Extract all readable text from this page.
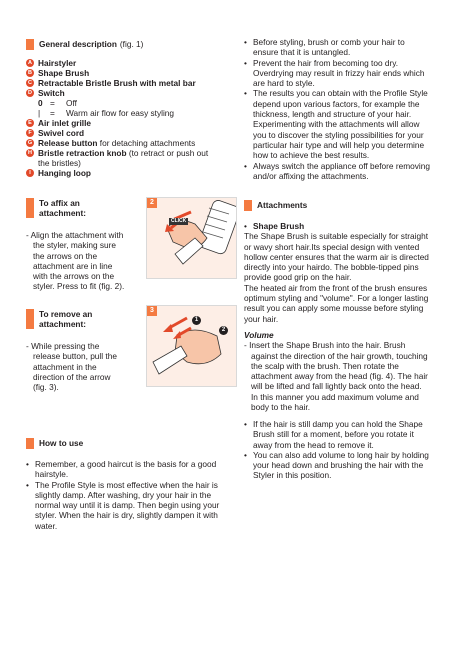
General description (fig. 1)
A Hairstyler
B Shape Brush
C Retractable Bristle Brush with metal bar
D Switch
0 =	Off
|	=	Warm air flow for easy styling
E Air inlet grille
F Swivel cord
G Release button for detaching attachments
H Bristle retraction knob (to retract or push out
the bristles)
I Hanging loop
To affix an
attachment:
- Align the attachment with
the styler, making sure
the arrows on the
attachment are in line
with the arrows on the
styler. Press to fit (fig. 2).
2
CLICK
To remove an
attachment:
- While pressing the
release button, pull the
attachment in the
direction of the arrow
(fig. 3).
3
1
2
How to use
• Remember, a good haircut is the basis for a good
hairstyle.
• The Profile Style is most effective when the hair is
slightly damp. After washing, dry your hair in the
normal way until it is damp. Then begin using your
styler. When the hair is dry, slightly dampen it with
water.
• Before styling, brush or comb your hair to
ensure that it is untangled.
• Prevent the hair from becoming too dry.
Overdrying may result in frizzy hair ends which
are hard to style.
• The results you can obtain with the Profile Style
depend upon various factors, for example the
thickness, length and structure of your hair.
Experimenting with the attachments will allow
you to discover the styling possibilities for your
particular hair type and will help you determine
how to achieve the best results.
• Always switch the appliance off before removing
and/or affixing the attachments.
Attachments
• Shape Brush
The Shape Brush is suitable especially for straight
or wavy short hair.Its special design with vented
hollow center ensures that the warm air is directed
directly into your hairdo. The bobble-tipped pins
provide good grip on the hair.
The heated air from the front of the brush ensures
optimum styling and "volume". For a longer lasting
result you can apply some mousse before styling
your hair.
Volume
- Insert the Shape Brush into the hair. Brush
against the direction of the hair growth, touching
the scalp with the brush. Then rotate the
attachment away from the head (fig. 4). The hair
will be lifted and fall lightly back onto the head.
In this manner you add maximum volume and
body to the hair.
• If the hair is still damp you can hold the Shape
Brush still for a moment, before you rotate it
away from the head to remove it.
• You can also add volume to long hair by holding
your head down and brushing the hair with the
Styler in this position.
